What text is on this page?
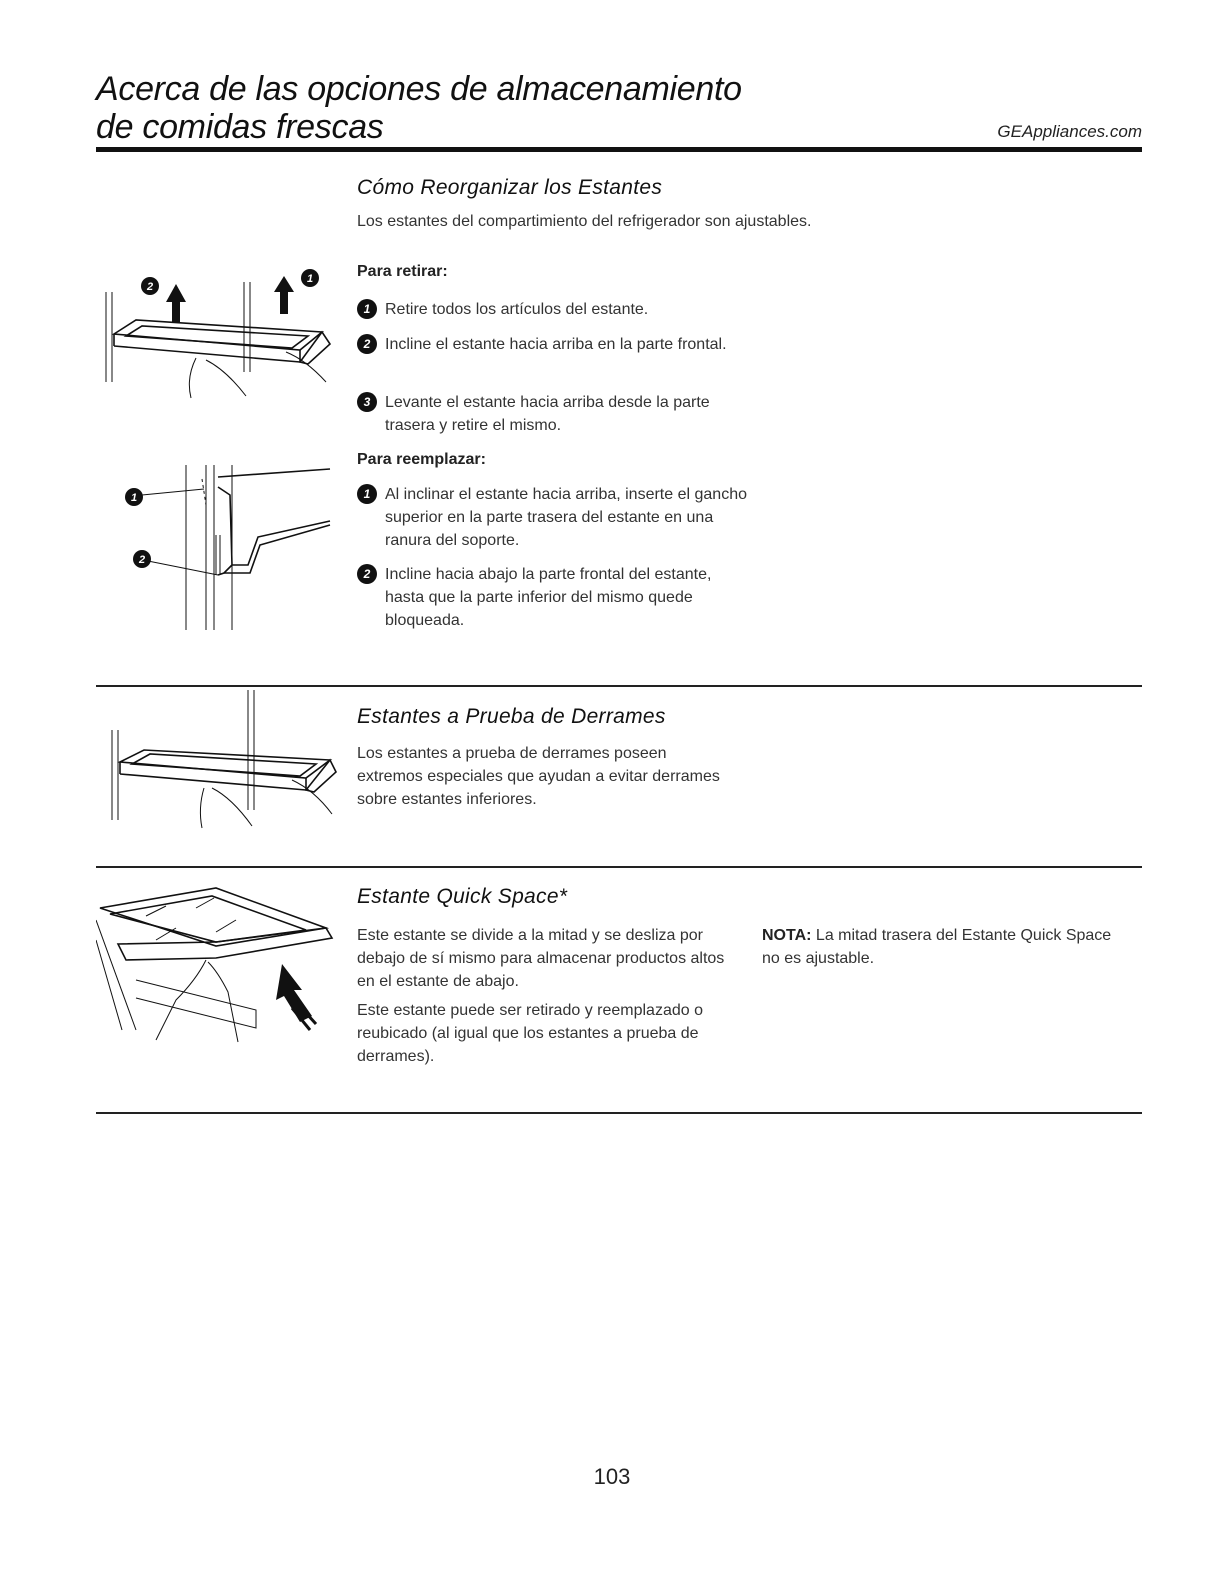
Acerca de las opciones de almacenamiento
de comidas frescas	GEAppliances.com
Cómo Reorganizar los Estantes
Los estantes del compartimiento del refrigerador son ajustables.
Para retirar:
1 Retire todos los artículos del estante.
2 Incline el estante hacia arriba en la parte frontal.
3 Levante el estante hacia arriba desde la parte trasera y retire el mismo.
Para reemplazar:
1 Al inclinar el estante hacia arriba, inserte el gancho superior en la parte trasera del estante en una ranura del soporte.
2 Incline hacia abajo la parte frontal del estante, hasta que la parte inferior del mismo quede bloqueada.
2
1
1
2
Estantes a Prueba de Derrames
Los estantes a prueba de derrames poseen extremos especiales que ayudan a evitar derrames sobre estantes inferiores.
Estante Quick Space*
Este estante se divide a la mitad y se desliza por debajo de sí mismo para almacenar productos altos en el estante de abajo.
Este estante puede ser retirado y reemplazado o reubicado (al igual que los estantes a prueba de derrames).
NOTA: La mitad trasera del Estante Quick Space no es ajustable.
103
